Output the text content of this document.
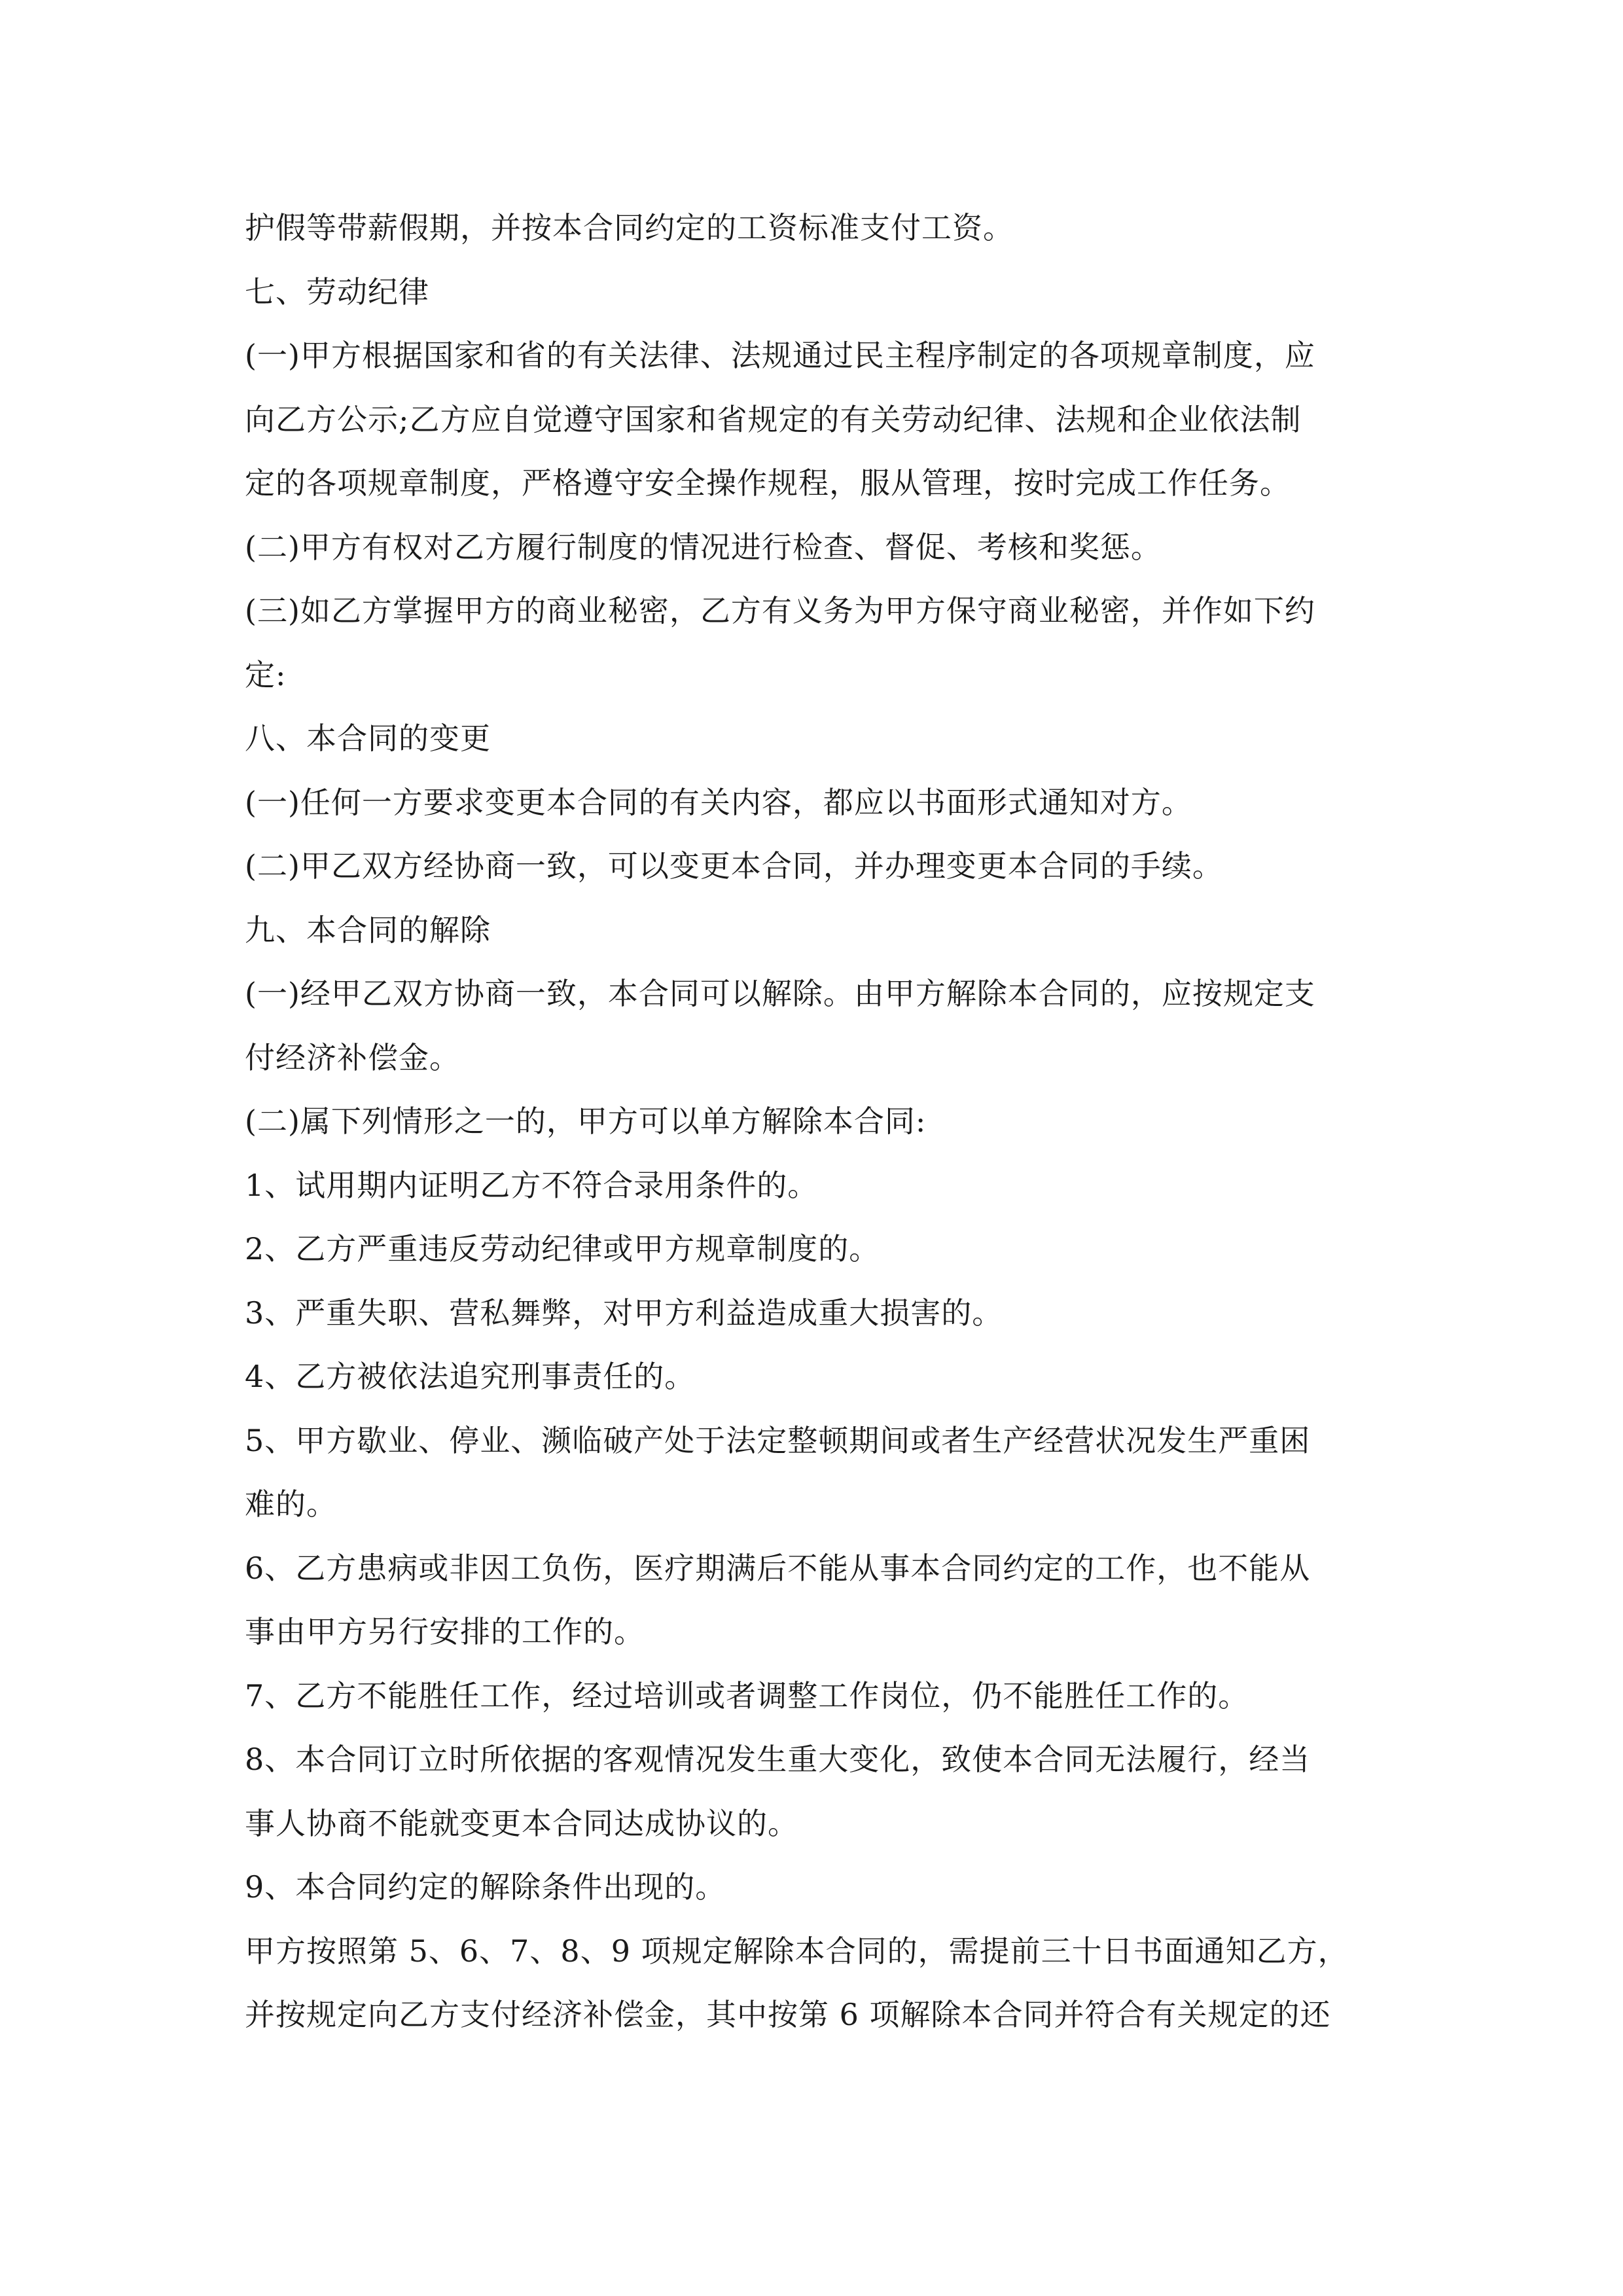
护假等带薪假期，并按本合同约定的工资标准支付工资。
七、劳动纪律
(一)甲方根据国家和省的有关法律、法规通过民主程序制定的各项规章制度，应
向乙方公示;乙方应自觉遵守国家和省规定的有关劳动纪律、法规和企业依法制
定的各项规章制度，严格遵守安全操作规程，服从管理，按时完成工作任务。
(二)甲方有权对乙方履行制度的情况进行检查、督促、考核和奖惩。
(三)如乙方掌握甲方的商业秘密，乙方有义务为甲方保守商业秘密，并作如下约
定:
八、本合同的变更
(一)任何一方要求变更本合同的有关内容，都应以书面形式通知对方。
(二)甲乙双方经协商一致，可以变更本合同，并办理变更本合同的手续。
九、本合同的解除
(一)经甲乙双方协商一致，本合同可以解除。由甲方解除本合同的，应按规定支
付经济补偿金。
(二)属下列情形之一的，甲方可以单方解除本合同:
1、试用期内证明乙方不符合录用条件的。
2、乙方严重违反劳动纪律或甲方规章制度的。
3、严重失职、营私舞弊，对甲方利益造成重大损害的。
4、乙方被依法追究刑事责任的。
5、甲方歇业、停业、濒临破产处于法定整顿期间或者生产经营状况发生严重困
难的。
6、乙方患病或非因工负伤，医疗期满后不能从事本合同约定的工作，也不能从
事由甲方另行安排的工作的。
7、乙方不能胜任工作，经过培训或者调整工作岗位，仍不能胜任工作的。
8、本合同订立时所依据的客观情况发生重大变化，致使本合同无法履行，经当
事人协商不能就变更本合同达成协议的。
9、本合同约定的解除条件出现的。
甲方按照第 5、6、7、8、9 项规定解除本合同的，需提前三十日书面通知乙方，
并按规定向乙方支付经济补偿金，其中按第 6 项解除本合同并符合有关规定的还
